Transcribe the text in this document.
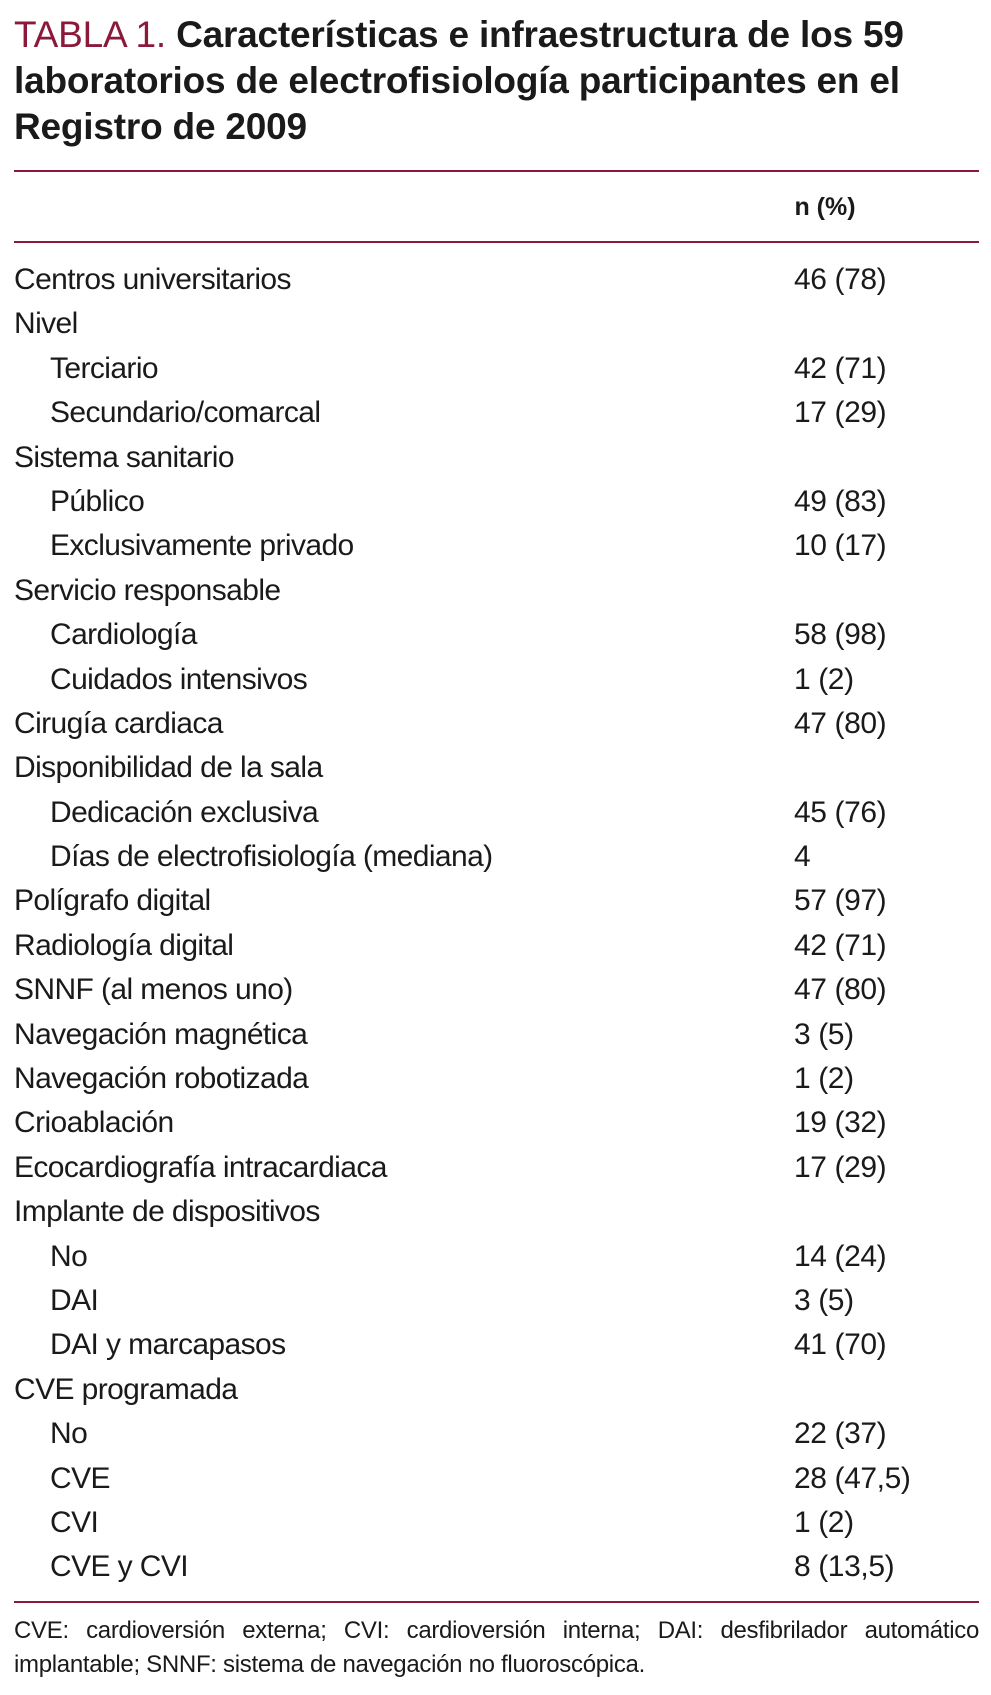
TABLA 1. Características e infraestructura de los 59 laboratorios de electrofisiología participantes en el Registro de 2009
n (%)
Centros universitarios	46 (78)
Nivel
Terciario	42 (71)
Secundario/comarcal	17 (29)
Sistema sanitario
Público	49 (83)
Exclusivamente privado	10 (17)
Servicio responsable
Cardiología	58 (98)
Cuidados intensivos	1 (2)
Cirugía cardiaca	47 (80)
Disponibilidad de la sala
Dedicación exclusiva	45 (76)
Días de electrofisiología (mediana)	4
Polígrafo digital	57 (97)
Radiología digital	42 (71)
SNNF (al menos uno)	47 (80)
Navegación magnética	3 (5)
Navegación robotizada	1 (2)
Crioablación	19 (32)
Ecocardiografía intracardiaca	17 (29)
Implante de dispositivos
No	14 (24)
DAI	3 (5)
DAI y marcapasos	41 (70)
CVE programada
No	22 (37)
CVE	28 (47,5)
CVI	1 (2)
CVE y CVI	8 (13,5)
CVE: cardioversión externa; CVI: cardioversión interna; DAI: desfibrilador automático implantable; SNNF: sistema de navegación no fluoroscópica.
